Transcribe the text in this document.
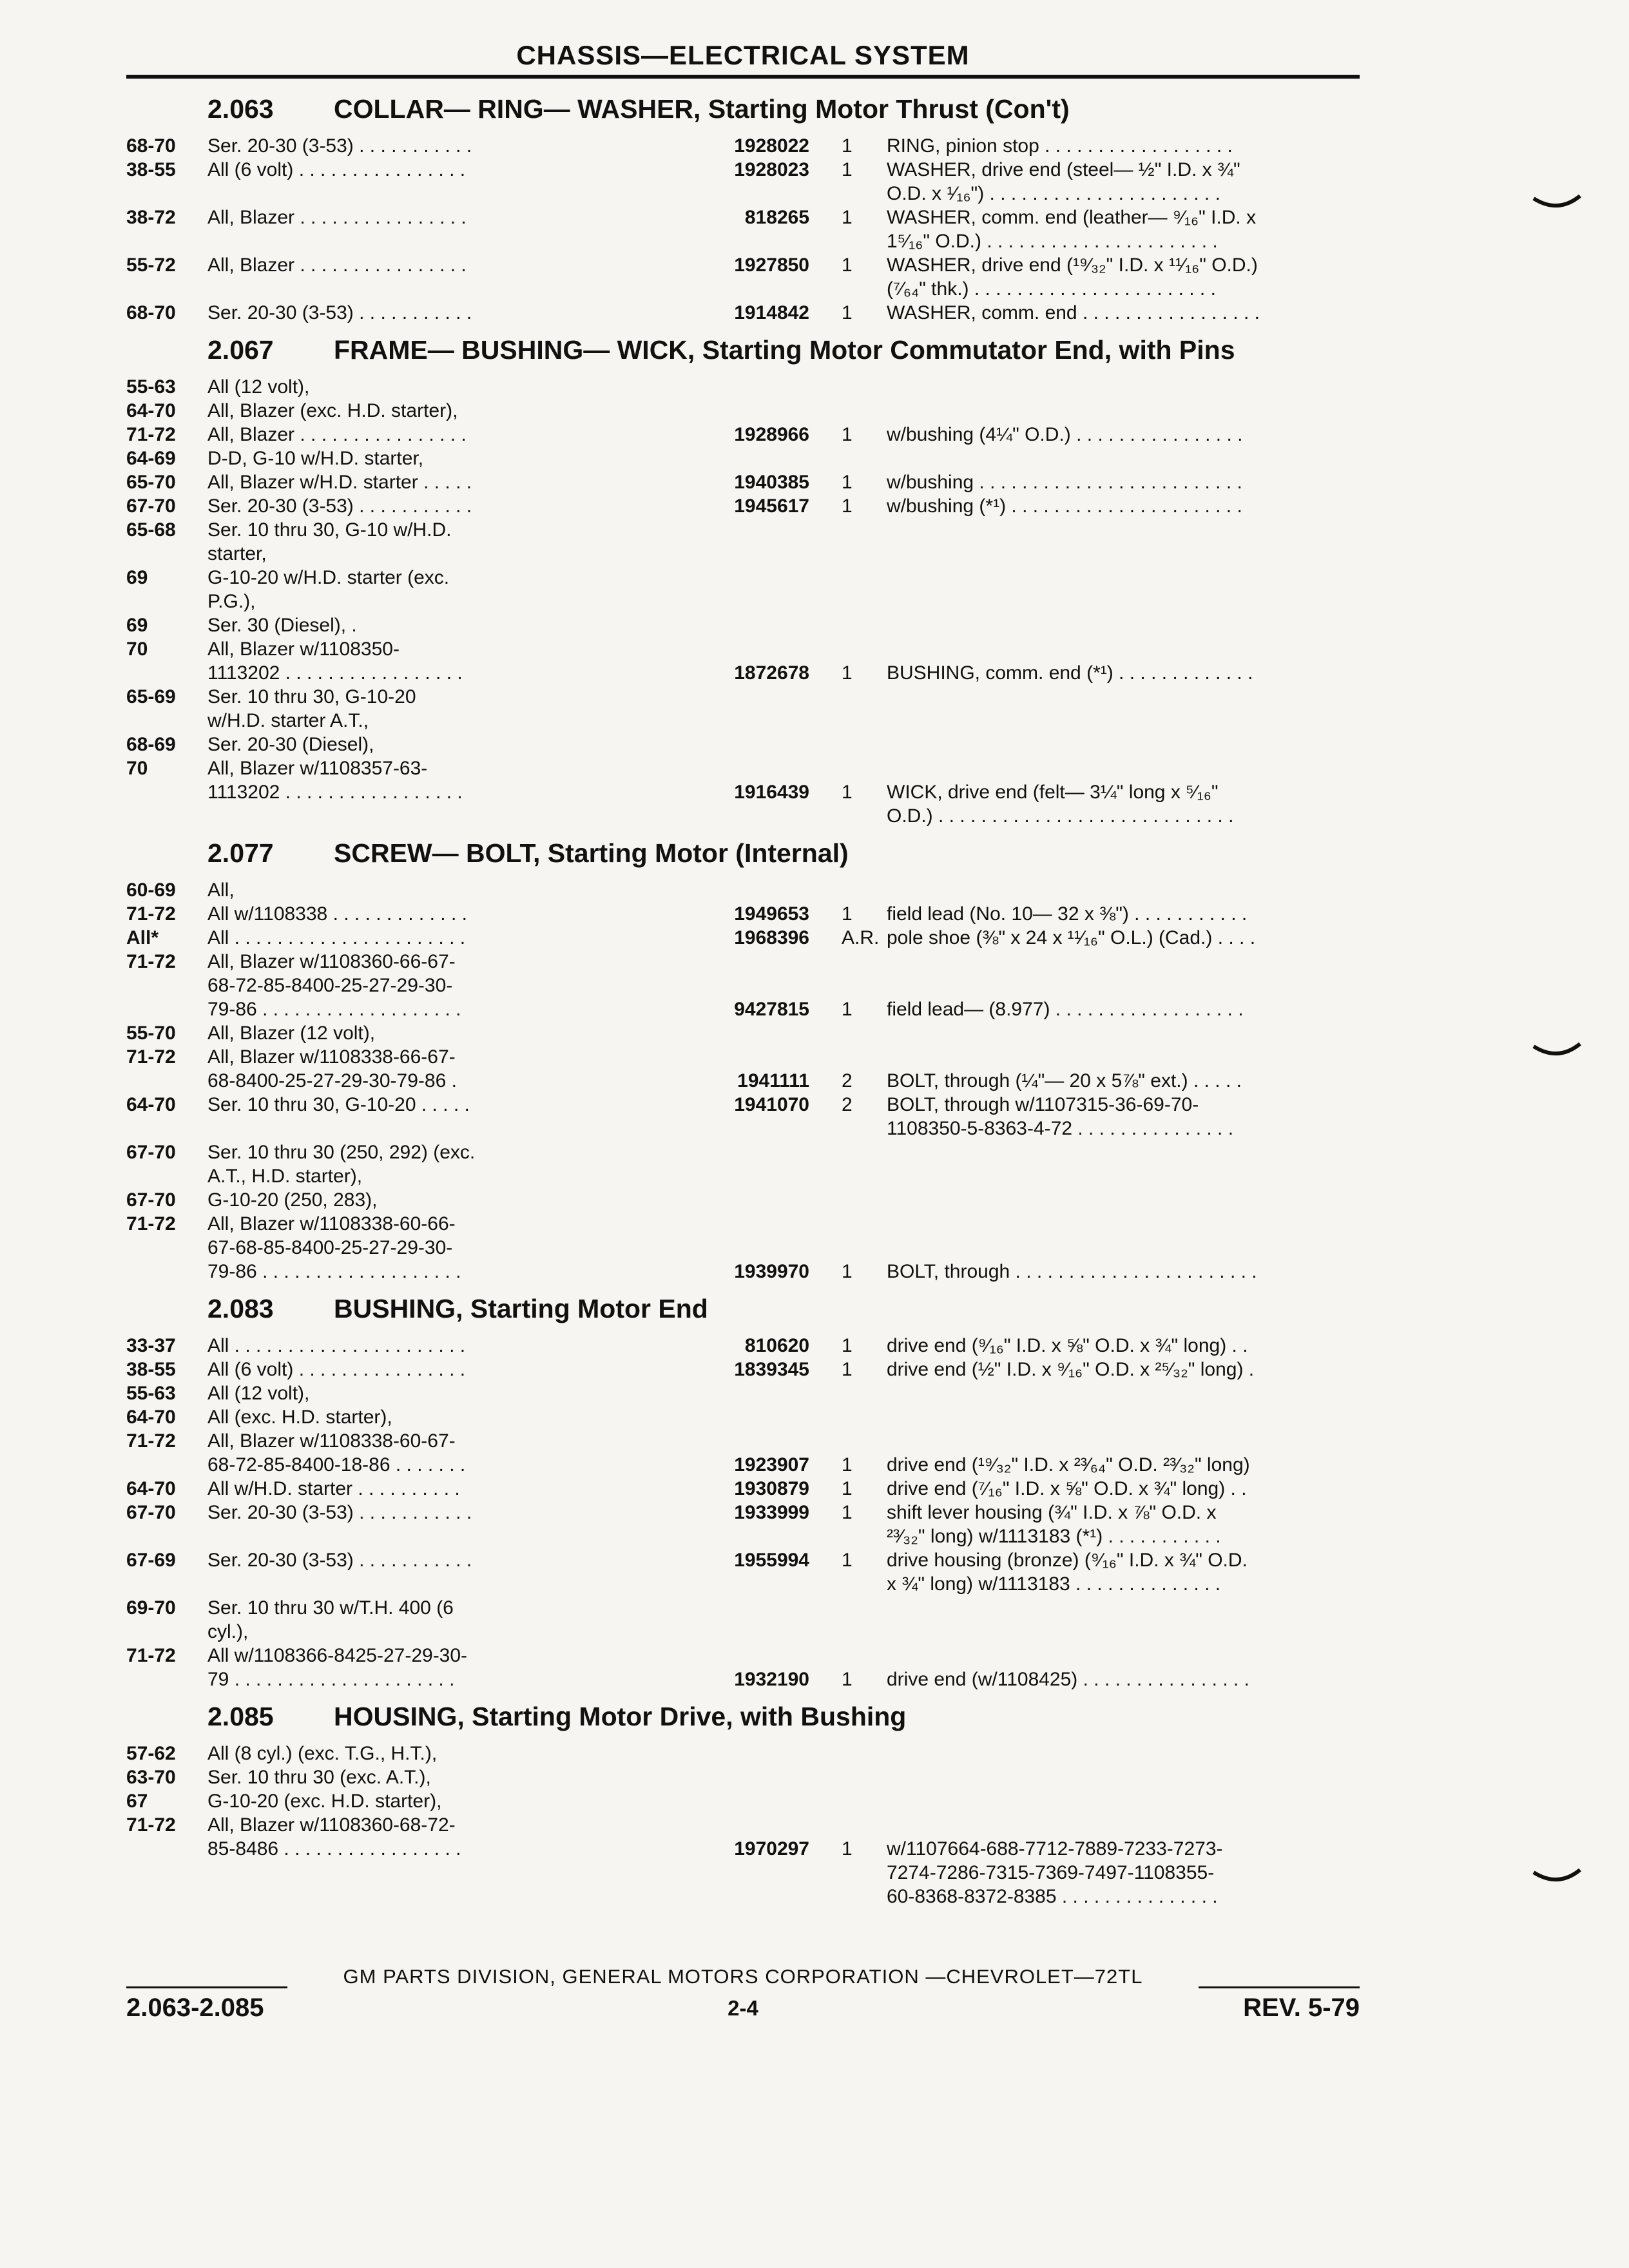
CHASSIS—ELECTRICAL SYSTEM
2.063 COLLAR— RING— WASHER, Starting Motor Thrust (Con't)
68-70	Ser. 20-30 (3-53) . . . . . . . . . . .	1928022 1	RING, pinion stop . . . . . . . . . . . . . . . . . .
38-55	All (6 volt) . . . . . . . . . . . . . . . .	1928023 1	WASHER, drive end (steel— ½" I.D. x ¾"
O.D. x ¹⁄₁₆") . . . . . . . . . . . . . . . . . . . . . .
38-72	All, Blazer . . . . . . . . . . . . . . . .	818265 1	WASHER, comm. end (leather— ⁹⁄₁₆" I.D. x
1⁵⁄₁₆" O.D.) . . . . . . . . . . . . . . . . . . . . . .
55-72	All, Blazer . . . . . . . . . . . . . . . .	1927850 1	WASHER, drive end (¹⁹⁄₃₂" I.D. x ¹¹⁄₁₆" O.D.)
(⁷⁄₆₄" thk.) . . . . . . . . . . . . . . . . . . . . . . .
68-70	Ser. 20-30 (3-53) . . . . . . . . . . .	1914842 1	WASHER, comm. end . . . . . . . . . . . . . . . . .
2.067 FRAME— BUSHING— WICK, Starting Motor Commutator End, with Pins
55-63	All (12 volt),
64-70	All, Blazer (exc. H.D. starter),
71-72	All, Blazer . . . . . . . . . . . . . . . .	1928966 1	w/bushing (4¼" O.D.) . . . . . . . . . . . . . . . .
64-69	D-D, G-10 w/H.D. starter,
65-70	All, Blazer w/H.D. starter . . . . .	1940385 1	w/bushing . . . . . . . . . . . . . . . . . . . . . . . . .
67-70	Ser. 20-30 (3-53) . . . . . . . . . . .	1945617 1	w/bushing (*¹) . . . . . . . . . . . . . . . . . . . . . .
65-68	Ser. 10 thru 30, G-10 w/H.D.
starter,
69	G-10-20 w/H.D. starter (exc.
P.G.),
69	Ser. 30 (Diesel), .
70	All, Blazer w/1108350-
1113202 . . . . . . . . . . . . . . . . .	1872678 1	BUSHING, comm. end (*¹) . . . . . . . . . . . . .
65-69	Ser. 10 thru 30, G-10-20
w/H.D. starter A.T.,
68-69	Ser. 20-30 (Diesel),
70	All, Blazer w/1108357-63-
1113202 . . . . . . . . . . . . . . . . .	1916439 1	WICK, drive end (felt— 3¼" long x ⁵⁄₁₆"
O.D.) . . . . . . . . . . . . . . . . . . . . . . . . . . . .
2.077 SCREW— BOLT, Starting Motor (Internal)
60-69	All,
71-72	All w/1108338 . . . . . . . . . . . . .	1949653 1	field lead (No. 10— 32 x ⅜") . . . . . . . . . . .
All*	All . . . . . . . . . . . . . . . . . . . . . .	1968396 A.R. pole shoe (⅜" x 24 x ¹¹⁄₁₆" O.L.) (Cad.) . . . .
71-72	All, Blazer w/1108360-66-67-
68-72-85-8400-25-27-29-30-
79-86 . . . . . . . . . . . . . . . . . . .	9427815 1	field lead— (8.977) . . . . . . . . . . . . . . . . . .
55-70	All, Blazer (12 volt),
71-72	All, Blazer w/1108338-66-67-
68-8400-25-27-29-30-79-86 .	1941111 2	BOLT, through (¼"— 20 x 5⅞" ext.) . . . . .
64-70	Ser. 10 thru 30, G-10-20 . . . . .	1941070 2	BOLT, through w/1107315-36-69-70-
1108350-5-8363-4-72 . . . . . . . . . . . . . . .
67-70	Ser. 10 thru 30 (250, 292) (exc.
A.T., H.D. starter),
67-70	G-10-20 (250, 283),
71-72	All, Blazer w/1108338-60-66-
67-68-85-8400-25-27-29-30-
79-86 . . . . . . . . . . . . . . . . . . .	1939970 1	BOLT, through . . . . . . . . . . . . . . . . . . . . . . .
2.083 BUSHING, Starting Motor End
33-37	All . . . . . . . . . . . . . . . . . . . . . .	810620 1	drive end (⁹⁄₁₆" I.D. x ⅝" O.D. x ¾" long) . .
38-55	All (6 volt) . . . . . . . . . . . . . . . .	1839345 1	drive end (½" I.D. x ⁹⁄₁₆" O.D. x ²⁵⁄₃₂" long) .
55-63	All (12 volt),
64-70	All (exc. H.D. starter),
71-72	All, Blazer w/1108338-60-67-
68-72-85-8400-18-86 . . . . . . .	1923907 1	drive end (¹⁹⁄₃₂" I.D. x ²³⁄₆₄" O.D. ²³⁄₃₂" long)
64-70	All w/H.D. starter . . . . . . . . . .	1930879 1	drive end (⁷⁄₁₆" I.D. x ⅝" O.D. x ¾" long) . .
67-70	Ser. 20-30 (3-53) . . . . . . . . . . .	1933999 1	shift lever housing (¾" I.D. x ⅞" O.D. x
²³⁄₃₂" long) w/1113183 (*¹) . . . . . . . . . . .
67-69	Ser. 20-30 (3-53) . . . . . . . . . . .	1955994 1	drive housing (bronze) (⁹⁄₁₆" I.D. x ¾" O.D.
x ¾" long) w/1113183 . . . . . . . . . . . . . .
69-70	Ser. 10 thru 30 w/T.H. 400 (6
cyl.),
71-72	All w/1108366-8425-27-29-30-
79 . . . . . . . . . . . . . . . . . . . . .	1932190 1	drive end (w/1108425) . . . . . . . . . . . . . . . .
2.085 HOUSING, Starting Motor Drive, with Bushing
57-62	All (8 cyl.) (exc. T.G., H.T.),
63-70	Ser. 10 thru 30 (exc. A.T.),
67	G-10-20 (exc. H.D. starter),
71-72	All, Blazer w/1108360-68-72-
85-8486 . . . . . . . . . . . . . . . . .	1970297 1	w/1107664-688-7712-7889-7233-7273-
7274-7286-7315-7369-7497-1108355-
60-8368-8372-8385 . . . . . . . . . . . . . . .
GM PARTS DIVISION, GENERAL MOTORS CORPORATION —CHEVROLET—72TL
2.063-2.085	2-4	REV. 5-79
